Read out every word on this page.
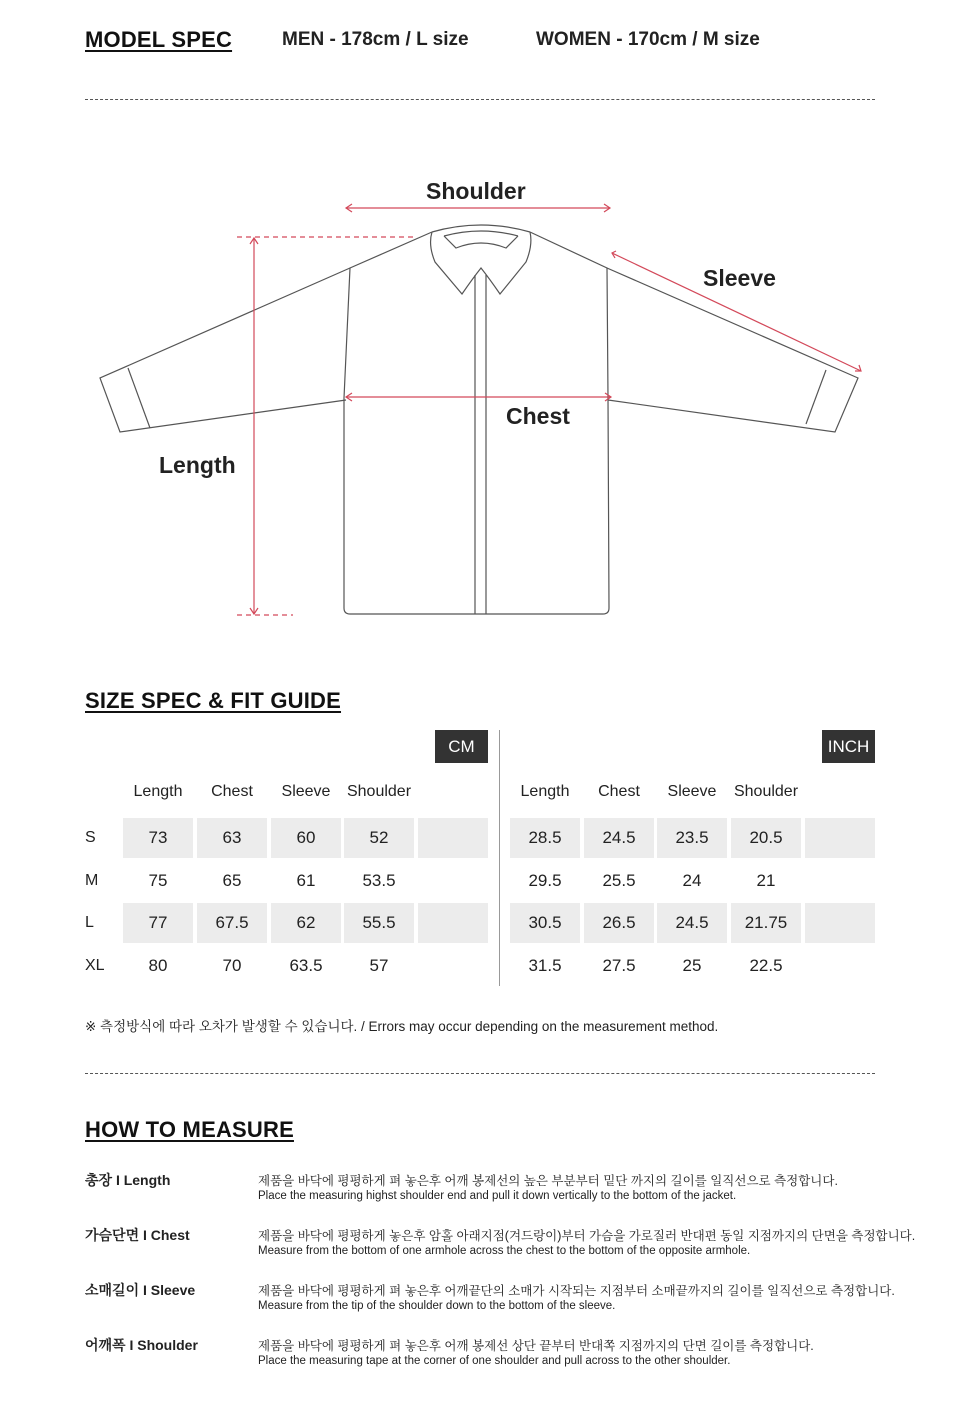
MODEL SPEC	MEN - 178cm / L size	WOMEN - 170cm / M size
Shoulder
Sleeve
Chest
Length
SIZE SPEC & FIT GUIDE
CM	INCH
Length	Chest	Sleeve	Shoulder	Length	Chest	Sleeve	Shoulder
S	73	63	60	52	28.5	24.5	23.5	20.5
M	75	65	61	53.5	29.5	25.5	24	21
L	77	67.5	62	55.5	30.5	26.5	24.5	21.75
XL	80	70	63.5	57	31.5	27.5	25	22.5
※ 측정방식에 따라 오차가 발생할 수 있습니다. / Errors may occur depending on the measurement method.
HOW TO MEASURE
총장 I Length	제품을 바닥에 평평하게 펴 놓은후 어깨 봉제선의 높은 부분부터 밑단 까지의 길이를 일직선으로 측정합니다.
Place the measuring highst shoulder end and pull it down vertically to the bottom of the jacket.
가슴단면 I Chest	제품을 바닥에 평평하게 놓은후 암홀 아래지점(겨드랑이)부터 가슴을 가로질러 반대편 동일 지점까지의 단면을 측정합니다.
Measure from the bottom of one armhole across the chest to the bottom of the opposite armhole.
소매길이 I Sleeve	제품을 바닥에 평평하게 펴 놓은후 어깨끝단의 소매가 시작되는 지점부터 소매끝까지의 길이를 일직선으로 측정합니다.
Measure from the tip of the shoulder down to the bottom of the sleeve.
어깨폭 I Shoulder	제품을 바닥에 평평하게 펴 놓은후 어깨 봉제선 상단 끝부터 반대쪽 지점까지의 단면 길이를 측정합니다.
Place the measuring tape at the corner of one shoulder and pull across to the other shoulder.
